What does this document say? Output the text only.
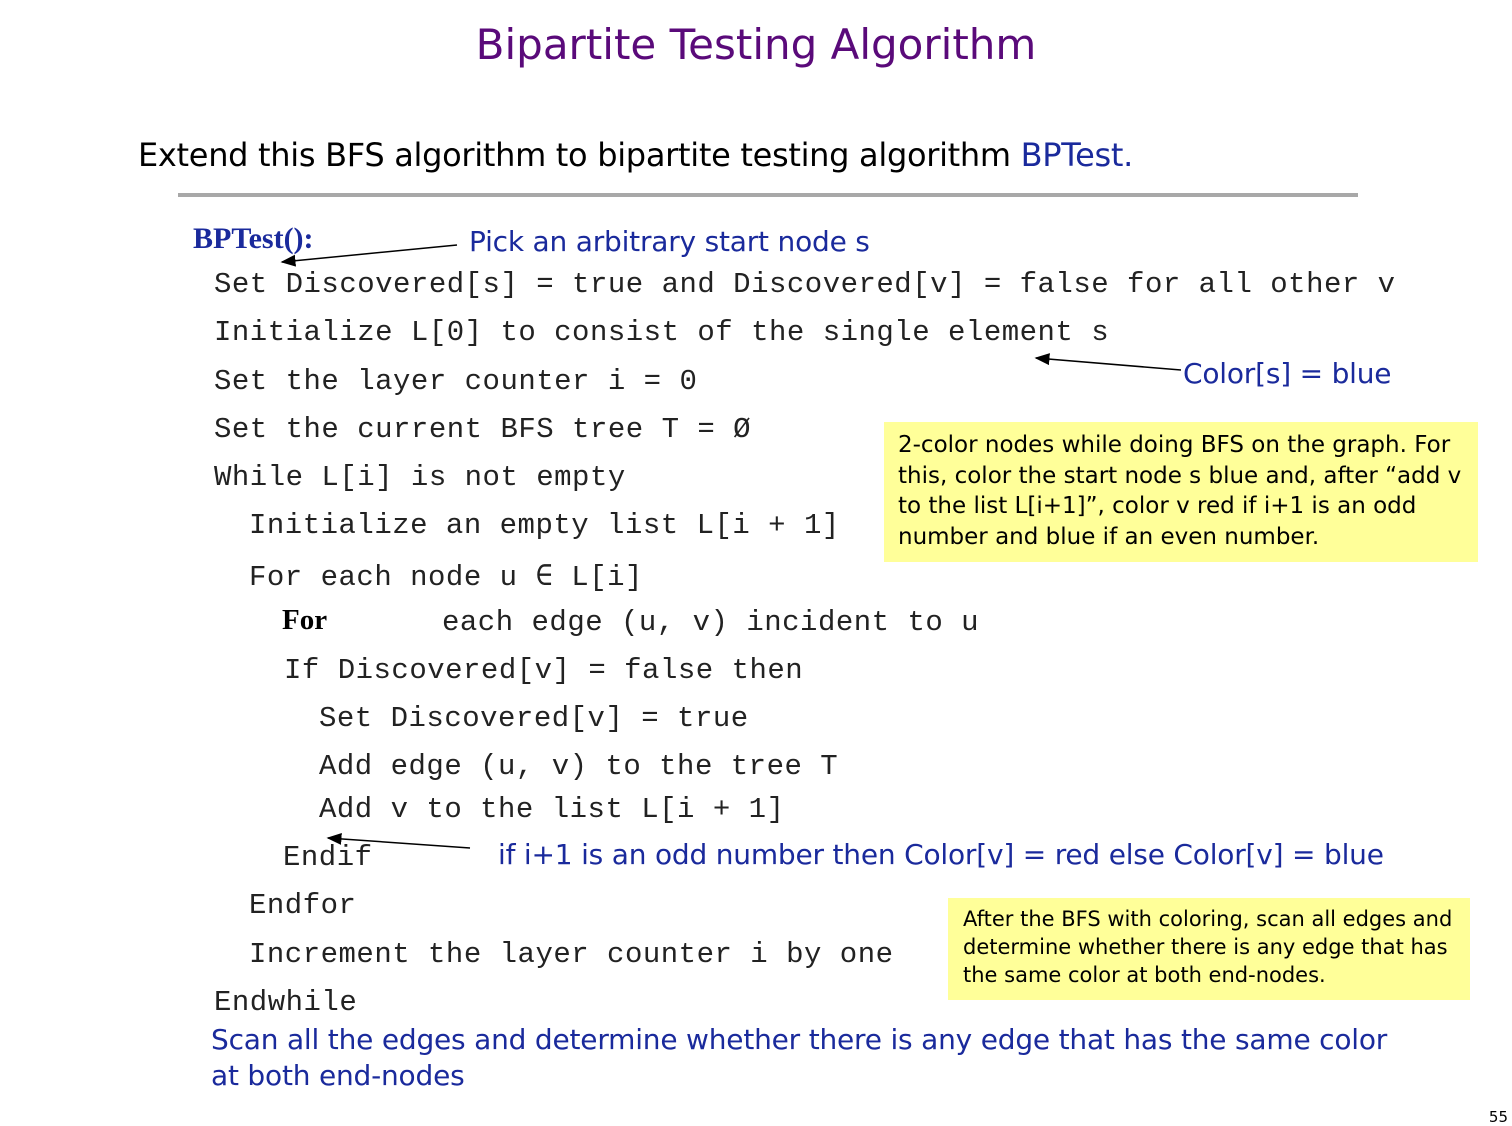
Bipartite Testing Algorithm
Extend this BFS algorithm to bipartite testing algorithm BPTest.
BPTest():
Set Discovered[s] = true and Discovered[v] = false for all other v
Initialize L[0] to consist of the single element s
Set the layer counter i = 0
Set the current BFS tree T = Ø
While L[i] is not empty
Initialize an empty list L[i + 1]
For each node u ∈ L[i]
For	each edge (u, v) incident to u
If Discovered[v] = false then
Set Discovered[v] = true
Add edge (u, v) to the tree T
Add v to the list L[i + 1]
Endif
Endfor
Increment the layer counter i by one
Endwhile
Pick an arbitrary start node s
Color[s] = blue
if i+1 is an odd number then Color[v] = red else Color[v] = blue
Scan all the edges and determine whether there is any edge that has the same color
at both end-nodes
2-color nodes while doing BFS on the graph. For this, color the start node s blue and, after “add v to the list L[i+1]”, color v red if i+1 is an odd number and blue if an even number.
After the BFS with coloring, scan all edges and determine whether there is any edge that has the same color at both end-nodes.
55
